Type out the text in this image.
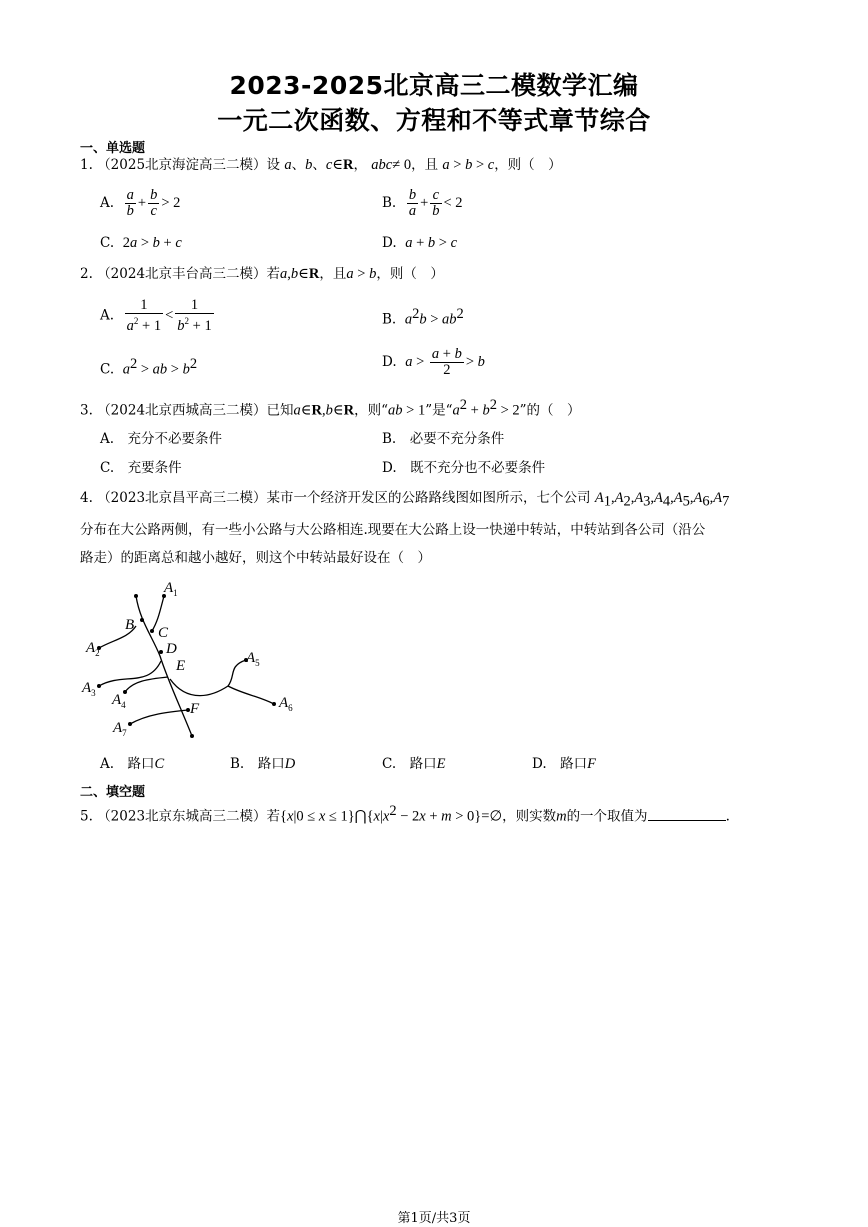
2023-2025北京高三二模数学汇编
一元二次函数、方程和不等式章节综合
一、单选题
1. （2025北京海淀高三二模）设 a、b、c∈R， abc≠ 0，且 a > b > c，则（　）
A. $\frac{a}{b} + \frac{b}{c} > 2$	B. $\frac{b}{a} + \frac{c}{b} < 2$
C. 2a > b + c	D. a + b > c
2. （2024北京丰台高三二模）若a,b∈R，且a > b，则（　）
A. $\frac{1}{a^2 + 1} < \frac{1}{b^2 + 1}$	B. $a^2b > ab^2$
C. $a^2$ > ab > $b^2$	D. $a > \frac{a + b}{2} > b$
3. （2024北京西城高三二模）已知a∈R,b∈R，则“ab > 1”是“$a^2 + b^2 > 2$”的（　）
A.　充分不必要条件	B.　必要不充分条件
C.　充要条件	D.　既不充分也不必要条件
4. （2023北京昌平高三二模）某市一个经济开发区的公路路线图如图所示，七个公司 $A_1,A_2,A_3,A_4,A_5,A_6,A_7$
分布在大公路两侧，有一些小公路与大公路相连.现要在大公路上设一快递中转站，中转站到各公司（沿公
路走）的距离总和越小越好，则这个中转站最好设在（　）
$A_1$
B C
D
E
$A_2$
$A_3$ $A_4$
$A_5$
$A_6$
$A_7$
F
A.　路口C	B.　路口D	C.　路口E	D.　路口F
二、填空题
5. （2023北京东城高三二模）若$\{x|0 \le x \le 1\}⋂\{x|x^2 - 2x + m$ > 0}=∅，则实数m的一个取值为	.
第1页/共3页
